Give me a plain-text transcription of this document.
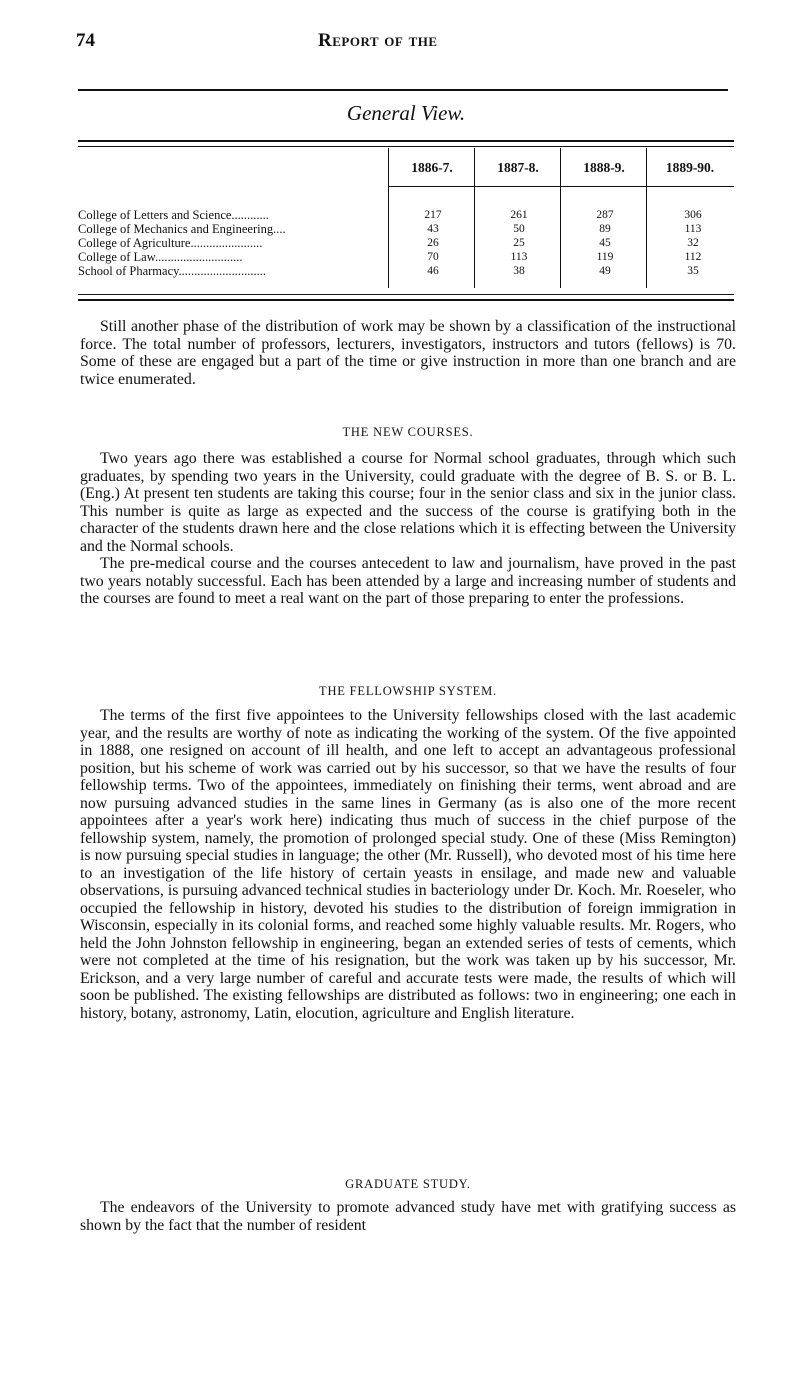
74	Report of the
General View.
1886-7.	1887-8.	1888-9.	1889-90.
College of Letters and Science............	217	261	287	306
College of Mechanics and Engineering....	43	50	89	113
College of Agriculture.......................	26	25	45	32
College of Law............................	70	113	119	112
School of Pharmacy............................	46	38	49	35

Still another phase of the distribution of work may be shown by a classification of the instructional force. The total number of professors, lecturers, investigators, instructors and tutors (fellows) is 70. Some of these are engaged but a part of the time or give instruction in more than one branch and are twice enumerated.

THE NEW COURSES.

Two years ago there was established a course for Normal school graduates, through which such graduates, by spending two years in the University, could graduate with the degree of B. S. or B. L. (Eng.) At present ten students are taking this course; four in the senior class and six in the junior class. This number is quite as large as expected and the success of the course is gratifying both in the character of the students drawn here and the close relations which it is effecting between the University and the Normal schools.

The pre-medical course and the courses antecedent to law and journalism, have proved in the past two years notably successful. Each has been attended by a large and increasing number of students and the courses are found to meet a real want on the part of those preparing to enter the professions.

THE FELLOWSHIP SYSTEM.

The terms of the first five appointees to the University fellowships closed with the last academic year, and the results are worthy of note as indicating the working of the system. Of the five appointed in 1888, one resigned on account of ill health, and one left to accept an advantageous professional position, but his scheme of work was carried out by his successor, so that we have the results of four fellowship terms. Two of the appointees, immediately on finishing their terms, went abroad and are now pursuing advanced studies in the same lines in Germany (as is also one of the more recent appointees after a year's work here) indicating thus much of success in the chief purpose of the fellowship system, namely, the promotion of prolonged special study. One of these (Miss Remington) is now pursuing special studies in language; the other (Mr. Russell), who devoted most of his time here to an investigation of the life history of certain yeasts in ensilage, and made new and valuable observations, is pursuing advanced technical studies in bacteriology under Dr. Koch. Mr. Roeseler, who occupied the fellowship in history, devoted his studies to the distribution of foreign immigration in Wisconsin, especially in its colonial forms, and reached some highly valuable results. Mr. Rogers, who held the John Johnston fellowship in engineering, began an extended series of tests of cements, which were not completed at the time of his resignation, but the work was taken up by his successor, Mr. Erickson, and a very large number of careful and accurate tests were made, the results of which will soon be published. The existing fellowships are distributed as follows: two in engineering; one each in history, botany, astronomy, Latin, elocution, agriculture and English literature.

GRADUATE STUDY.

The endeavors of the University to promote advanced study have met with gratifying success as shown by the fact that the number of resident
